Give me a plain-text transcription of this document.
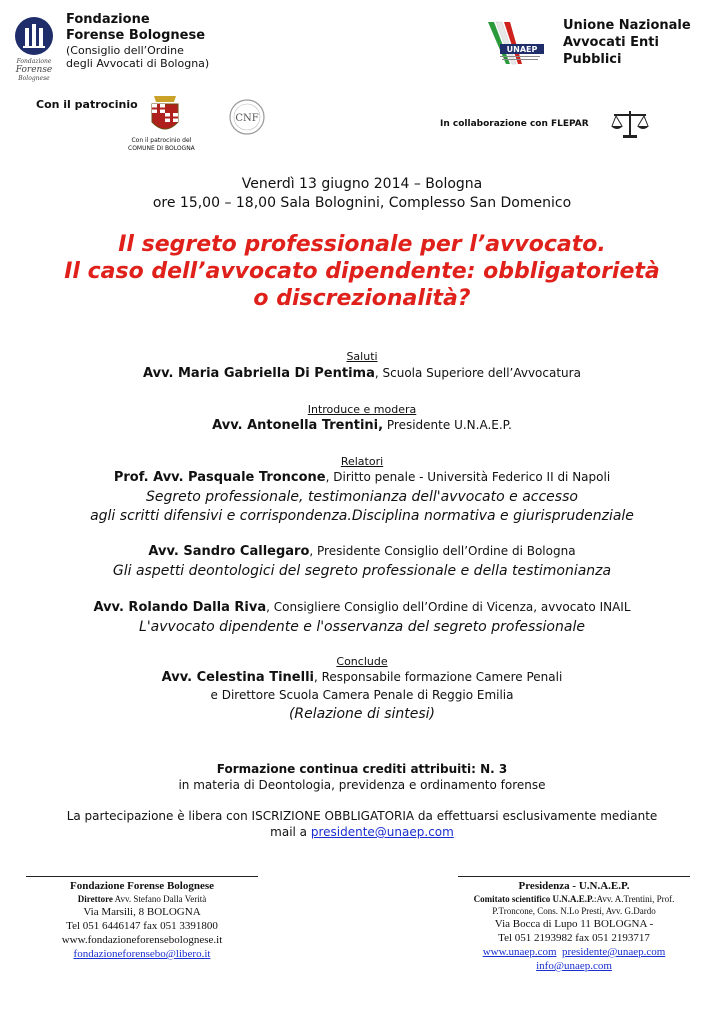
Fondazione
Forense
Bolognese
Fondazione
Forense Bolognese
(Consiglio dell’Ordine
degli Avvocati di Bologna)
UNAEP
Unione Nazionale
Avvocati Enti
Pubblici
Con il patrocinio
Con il patrocinio del
COMUNE DI BOLOGNA
CNF	In collaborazione con FLEPAR
Venerdì 13 giugno 2014 – Bologna
ore 15,00 – 18,00 Sala Bolognini, Complesso San Domenico
Il segreto professionale per l’avvocato.
Il caso dell’avvocato dipendente: obbligatorietà
o discrezionalità?
Saluti
Avv. Maria Gabriella Di Pentima, Scuola Superiore dell’Avvocatura
Introduce e modera
Avv. Antonella Trentini, Presidente U.N.A.E.P.
Relatori
Prof. Avv. Pasquale Troncone, Diritto penale - Università Federico II di Napoli
Segreto professionale, testimonianza dell'avvocato e accesso
agli scritti difensivi e corrispondenza.Disciplina normativa e giurisprudenziale
Avv. Sandro Callegaro, Presidente Consiglio dell’Ordine di Bologna
Gli aspetti deontologici del segreto professionale e della testimonianza
Avv. Rolando Dalla Riva, Consigliere Consiglio dell’Ordine di Vicenza, avvocato INAIL
L'avvocato dipendente e l'osservanza del segreto professionale
Conclude
Avv. Celestina Tinelli, Responsabile formazione Camere Penali
e Direttore Scuola Camera Penale di Reggio Emilia
(Relazione di sintesi)
Formazione continua crediti attribuiti: N. 3
in materia di Deontologia, previdenza e ordinamento forense
La partecipazione è libera con ISCRIZIONE OBBLIGATORIA da effettuarsi esclusivamente mediante
mail a presidente@unaep.com
Fondazione Forense Bolognese
Direttore Avv. Stefano Dalla Verità
Via Marsili, 8 BOLOGNA
Tel 051 6446147 fax 051 3391800
www.fondazioneforensebolognese.it
fondazioneforensebo@libero.it
Presidenza - U.N.A.E.P.
Comitato scientifico U.N.A.E.P.:Avv. A.Trentini, Prof.
P.Troncone, Cons. N.Lo Presti, Avv. G.Dardo
Via Bocca di Lupo 11 BOLOGNA -
Tel 051 2193982 fax 051 2193717
www.unaep.com presidente@unaep.com
info@unaep.com
